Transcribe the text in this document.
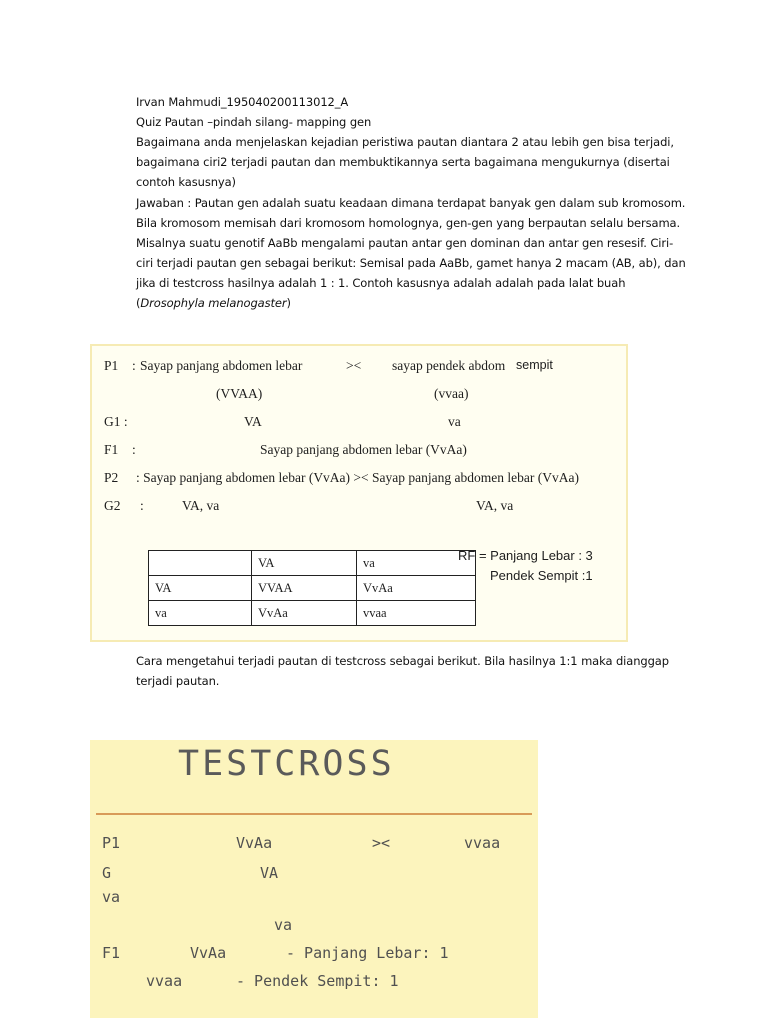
Irvan Mahmudi_195040200113012_A
Quiz Pautan –pindah silang- mapping gen
Bagaimana anda menjelaskan kejadian peristiwa pautan diantara 2 atau lebih gen bisa terjadi,
bagaimana ciri2 terjadi pautan dan membuktikannya serta bagaimana mengukurnya (disertai
contoh kasusnya)
Jawaban : Pautan gen adalah suatu keadaan dimana terdapat banyak gen dalam sub kromosom.
Bila kromosom memisah dari kromosom homolognya, gen-gen yang berpautan selalu bersama.
Misalnya suatu genotif AaBb mengalami pautan antar gen dominan dan antar gen resesif. Ciri-
ciri terjadi pautan gen sebagai berikut: Semisal pada AaBb, gamet hanya 2 macam (AB, ab), dan
jika di testcross hasilnya adalah 1 : 1. Contoh kasusnya adalah adalah pada lalat buah
(Drosophyla melanogaster)
P1 : Sayap panjang abdomen lebar	>< sayap pendek abdom sempit
(VVAA)	(vvaa)
G1 :	VA	va
F1 :	Sayap panjang abdomen lebar (VvAa)
P2 : Sayap panjang abdomen lebar (VvAa) >< Sayap panjang abdomen lebar (VvAa)
G2 :	VA, va	VA, va
	VA	va
VA	VVAA	VvAa
va	VvAa	vvaa
RF = Panjang Lebar : 3
Pendek Sempit :1
Cara mengetahui terjadi pautan di testcross sebagai berikut. Bila hasilnya 1:1 maka dianggap
terjadi pautan.
TESTCROSS
P1	VvAa	><	vvaa
G	VA
va
va
F1	VvAa	- Panjang Lebar: 1
vvaa	- Pendek Sempit: 1
